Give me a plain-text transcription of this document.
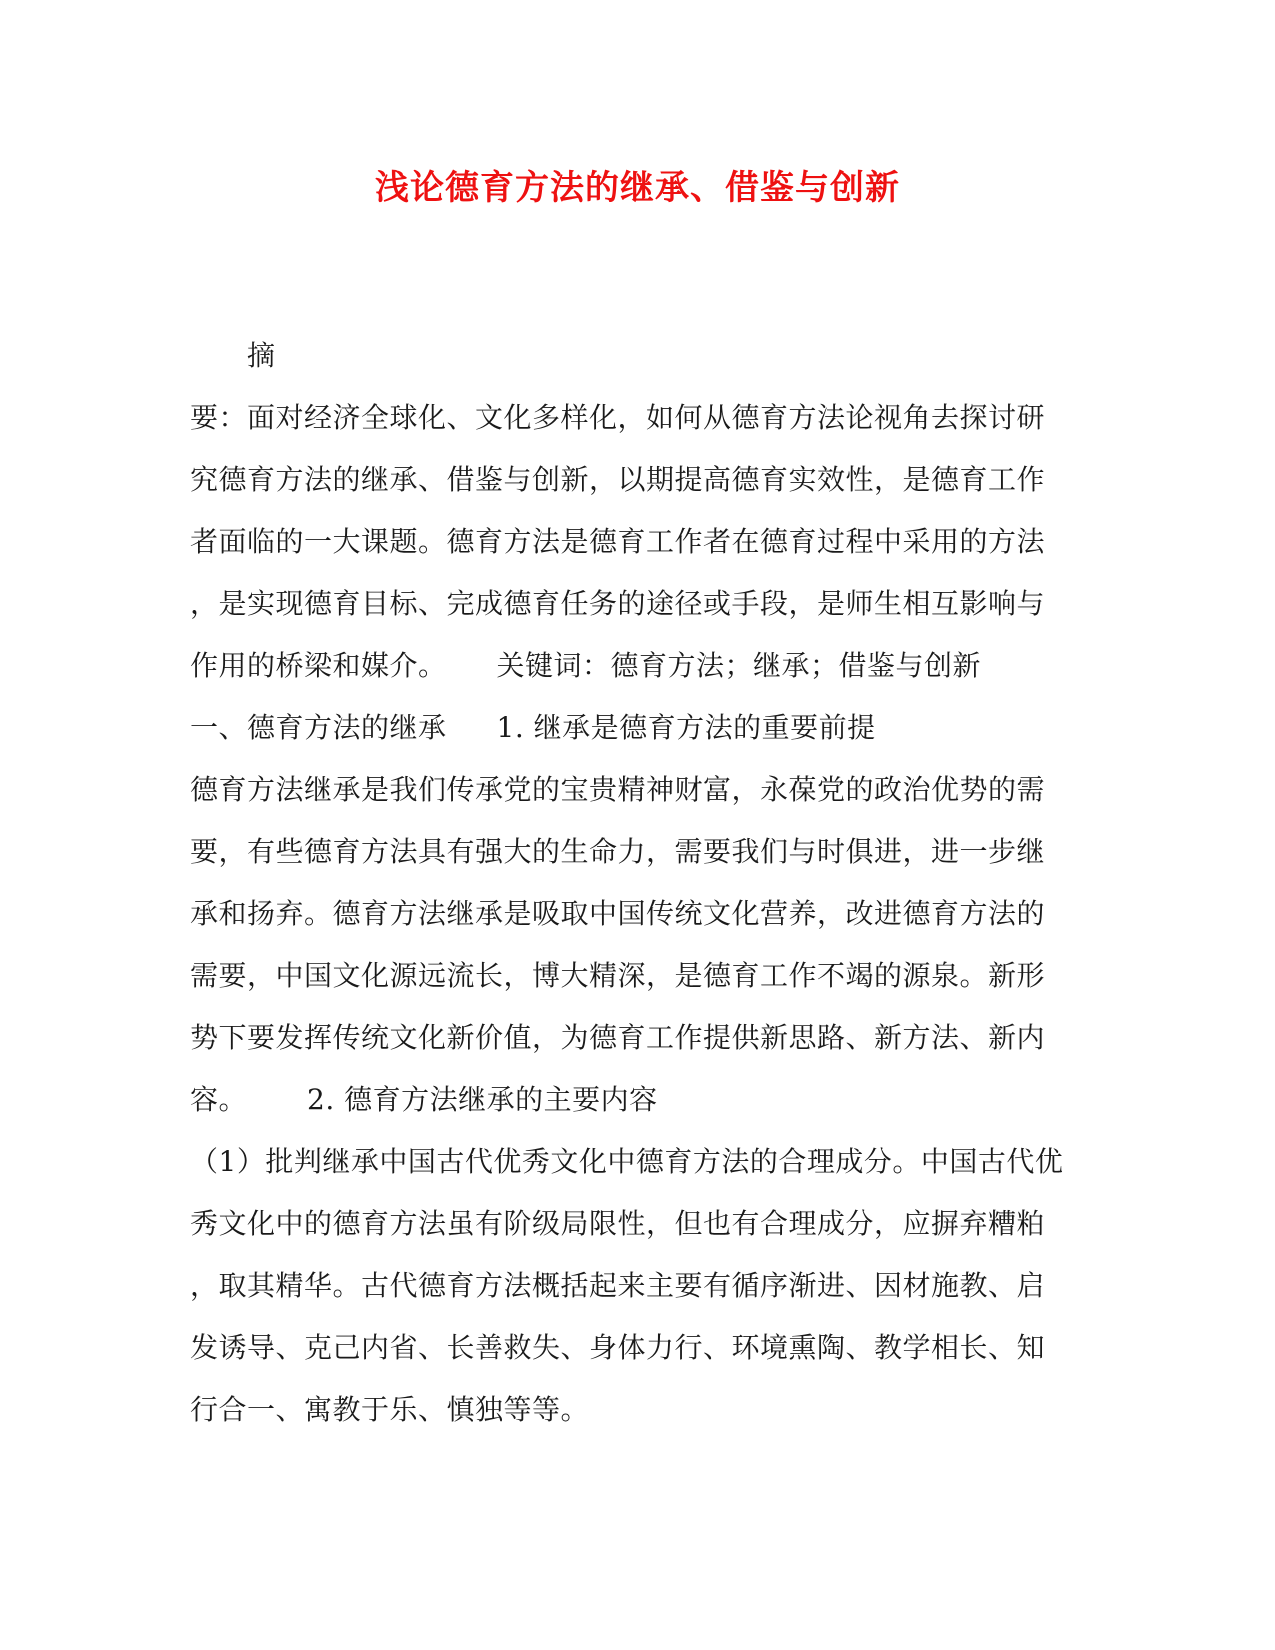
浅论德育方法的继承、借鉴与创新
摘
要：面对经济全球化、文化多样化，如何从德育方法论视角去探讨研
究德育方法的继承、借鉴与创新，以期提高德育实效性，是德育工作
者面临的一大课题。德育方法是德育工作者在德育过程中采用的方法
，是实现德育目标、完成德育任务的途径或手段，是师生相互影响与
作用的桥梁和媒介。 关键词：德育方法；继承；借鉴与创新
一、德育方法的继承 1. 继承是德育方法的重要前提
德育方法继承是我们传承党的宝贵精神财富，永葆党的政治优势的需
要，有些德育方法具有强大的生命力，需要我们与时俱进，进一步继
承和扬弃。德育方法继承是吸取中国传统文化营养，改进德育方法的
需要，中国文化源远流长，博大精深，是德育工作不竭的源泉。新形
势下要发挥传统文化新价值，为德育工作提供新思路、新方法、新内
容。 2. 德育方法继承的主要内容
（1）批判继承中国古代优秀文化中德育方法的合理成分。中国古代优
秀文化中的德育方法虽有阶级局限性，但也有合理成分，应摒弃糟粕
，取其精华。古代德育方法概括起来主要有循序渐进、因材施教、启
发诱导、克己内省、长善救失、身体力行、环境熏陶、教学相长、知
行合一、寓教于乐、慎独等等。
